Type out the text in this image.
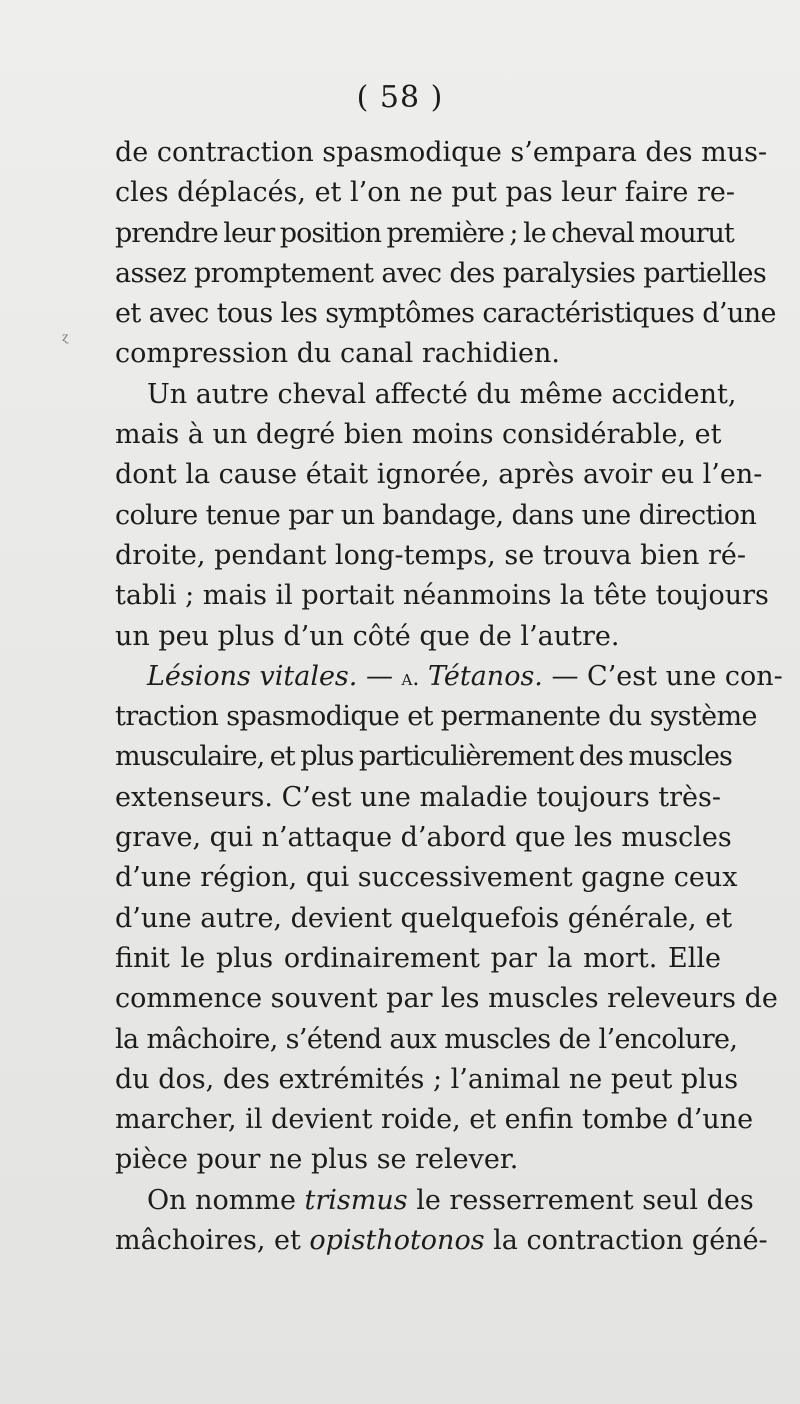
( 58 )
ɀ
de contraction spasmodique s’empara des mus-
cles déplacés, et l’on ne put pas leur faire re-
prendre leur position première ; le cheval mourut
assez promptement avec des paralysies partielles
et avec tous les symptômes caractéristiques d’une
compression du canal rachidien.
Un autre cheval affecté du même accident,
mais à un degré bien moins considérable, et
dont la cause était ignorée, après avoir eu l’en-
colure tenue par un bandage, dans une direction
droite, pendant long-temps, se trouva bien ré-
tabli ; mais il portait néanmoins la tête toujours
un peu plus d’un côté que de l’autre.
Lésions vitales. — a. Tétanos. — C’est une con-
traction spasmodique et permanente du système
musculaire, et plus particulièrement des muscles
extenseurs. C’est une maladie toujours très-
grave, qui n’attaque d’abord que les muscles
d’une région, qui successivement gagne ceux
d’une autre, devient quelquefois générale, et
finit le plus ordinairement par la mort. Elle
commence souvent par les muscles releveurs de
la mâchoire, s’étend aux muscles de l’encolure,
du dos, des extrémités ; l’animal ne peut plus
marcher, il devient roide, et enfin tombe d’une
pièce pour ne plus se relever.
On nomme trismus le resserrement seul des
mâchoires, et opisthotonos la contraction géné-
